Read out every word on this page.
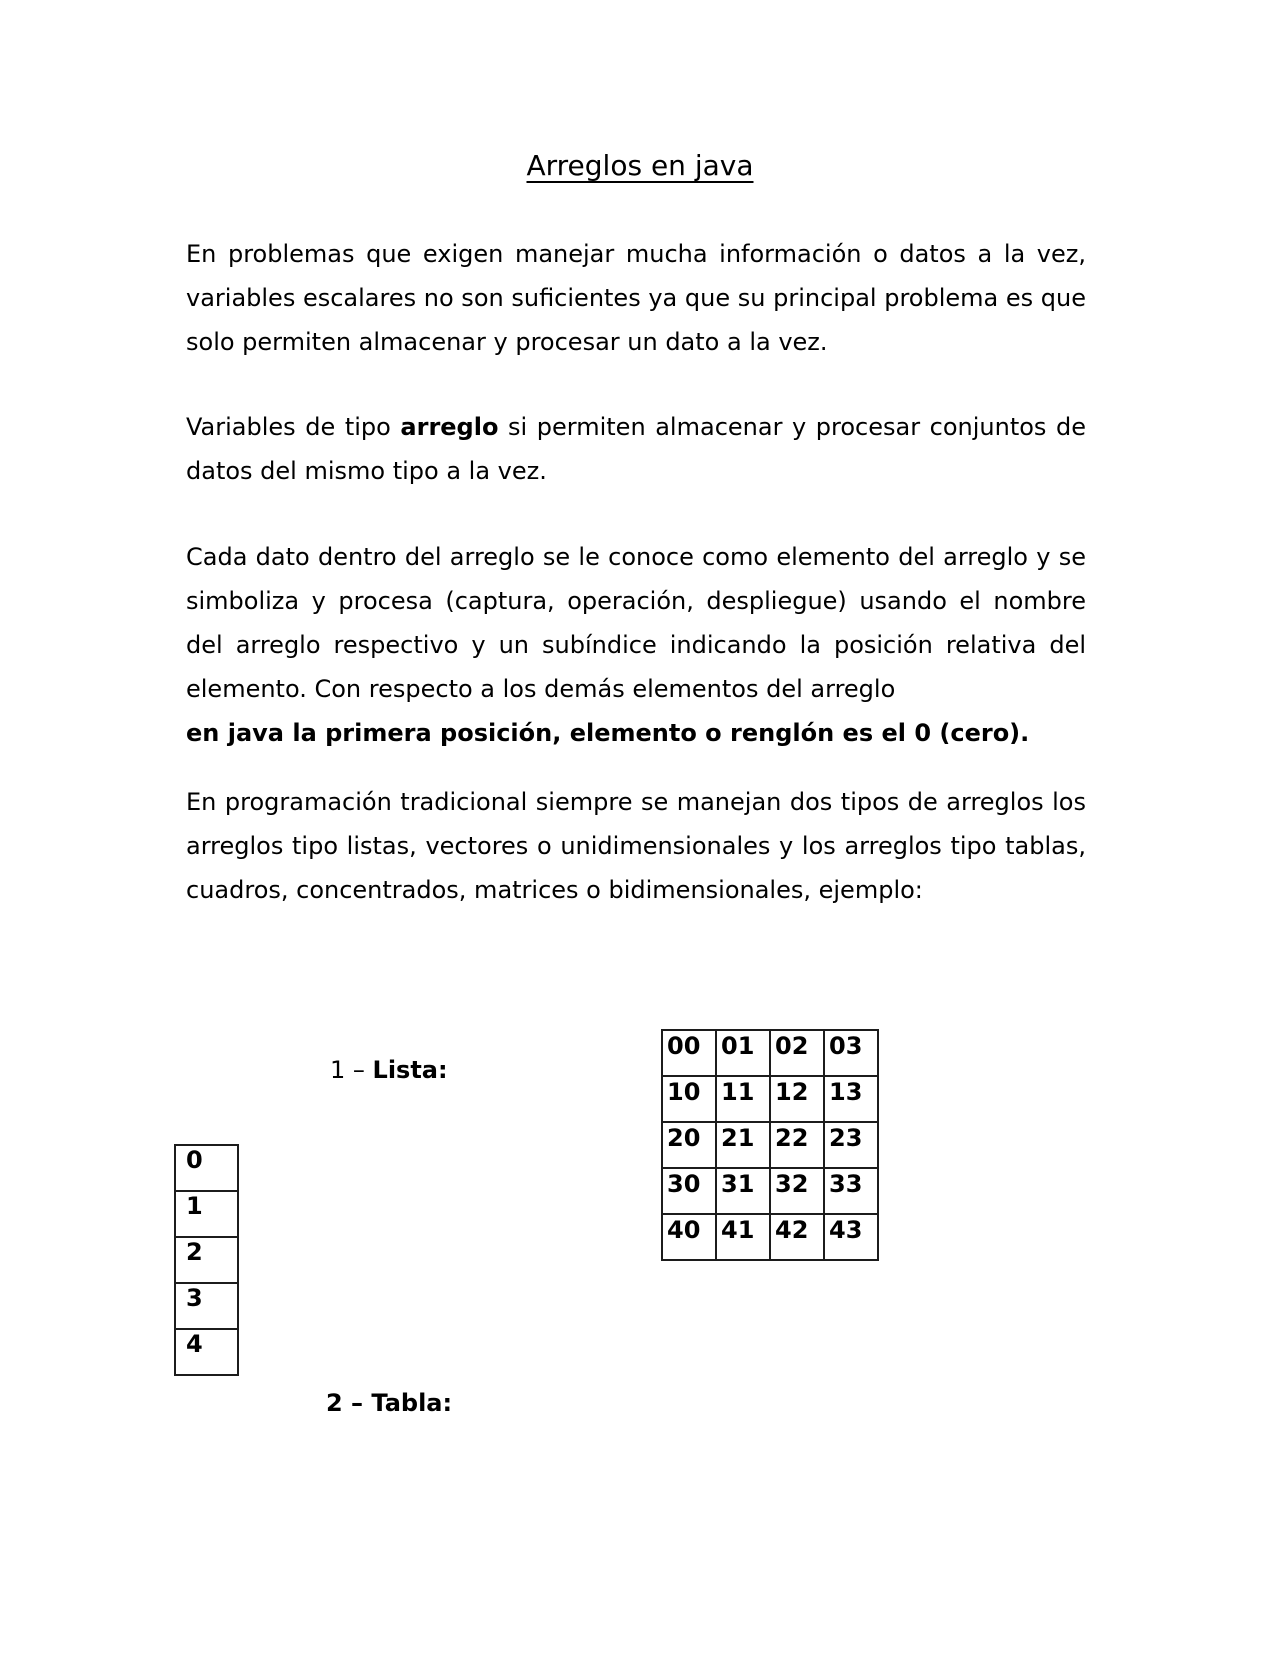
Arreglos en java

En problemas que exigen manejar mucha información o datos a la vez, variables escalares no son suficientes ya que su principal problema es que solo permiten almacenar y procesar un dato a la vez.

Variables de tipo arreglo si permiten almacenar y procesar conjuntos de datos del mismo tipo a la vez.

Cada dato dentro del arreglo se le conoce como elemento del arreglo y se simboliza y procesa (captura, operación, despliegue) usando el nombre del arreglo respectivo y un subíndice indicando la posición relativa del elemento. Con respecto a los demás elementos del arreglo
en java la primera posición, elemento o renglón es el 0 (cero).

En programación tradicional siempre se manejan dos tipos de arreglos los arreglos tipo listas, vectores o unidimensionales y los arreglos tipo tablas, cuadros, concentrados, matrices o bidimensionales, ejemplo:

1 – Lista:
2 – Tabla:
0
1
2
3
4
00	01	02	03
10	11	12	13
20	21	22	23
30	31	32	33
40	41	42	43
